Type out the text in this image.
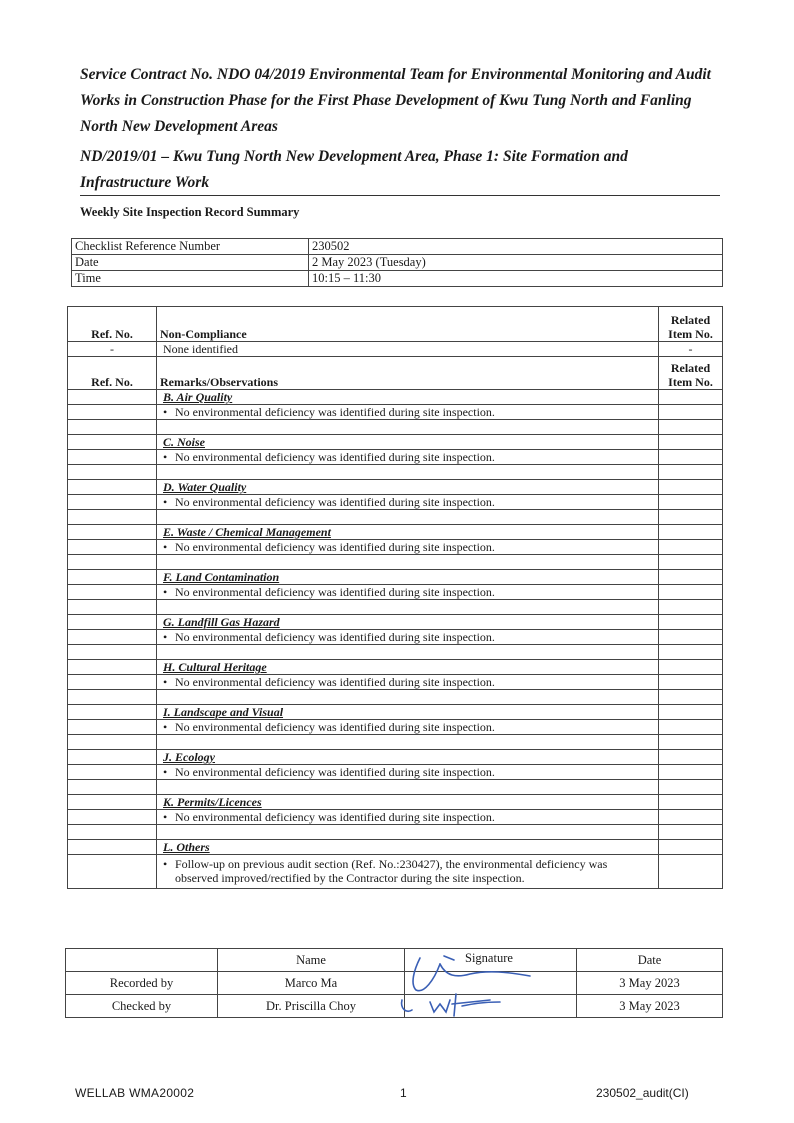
Service Contract No. NDO 04/2019 Environmental Team for Environmental Monitoring and Audit Works in Construction Phase for the First Phase Development of Kwu Tung North and Fanling North New Development Areas
ND/2019/01 – Kwu Tung North New Development Area, Phase 1: Site Formation and Infrastructure Work
Weekly Site Inspection Record Summary
Checklist Reference Number	230502
Date	2 May 2023 (Tuesday)
Time	10:15 – 11:30
Ref. No.	Non-Compliance	Related
Item No.
-	None identified	-
Ref. No.	Remarks/Observations	Related
Item No.
	B. Air Quality	
	• No environmental deficiency was identified during site inspection.	

	C. Noise	
	• No environmental deficiency was identified during site inspection.	

	D. Water Quality	
	• No environmental deficiency was identified during site inspection.	

	E. Waste / Chemical Management	
	• No environmental deficiency was identified during site inspection.	

	F. Land Contamination	
	• No environmental deficiency was identified during site inspection.	

	G. Landfill Gas Hazard	
	• No environmental deficiency was identified during site inspection.	

	H. Cultural Heritage	
	• No environmental deficiency was identified during site inspection.	

	I. Landscape and Visual	
	• No environmental deficiency was identified during site inspection.	

	J. Ecology	
	• No environmental deficiency was identified during site inspection.	

	K. Permits/Licences	
	• No environmental deficiency was identified during site inspection.	

	L. Others	

	• Follow-up on previous audit section (Ref. No.:230427), the environmental deficiency was
observed improved/rectified by the Contractor during the site inspection.	

	Name	Signature	Date
Recorded by	Marco Ma		3 May 2023
Checked by	Dr. Priscilla Choy		3 May 2023
WELLAB WMA20002	1	230502_audit(CI)
